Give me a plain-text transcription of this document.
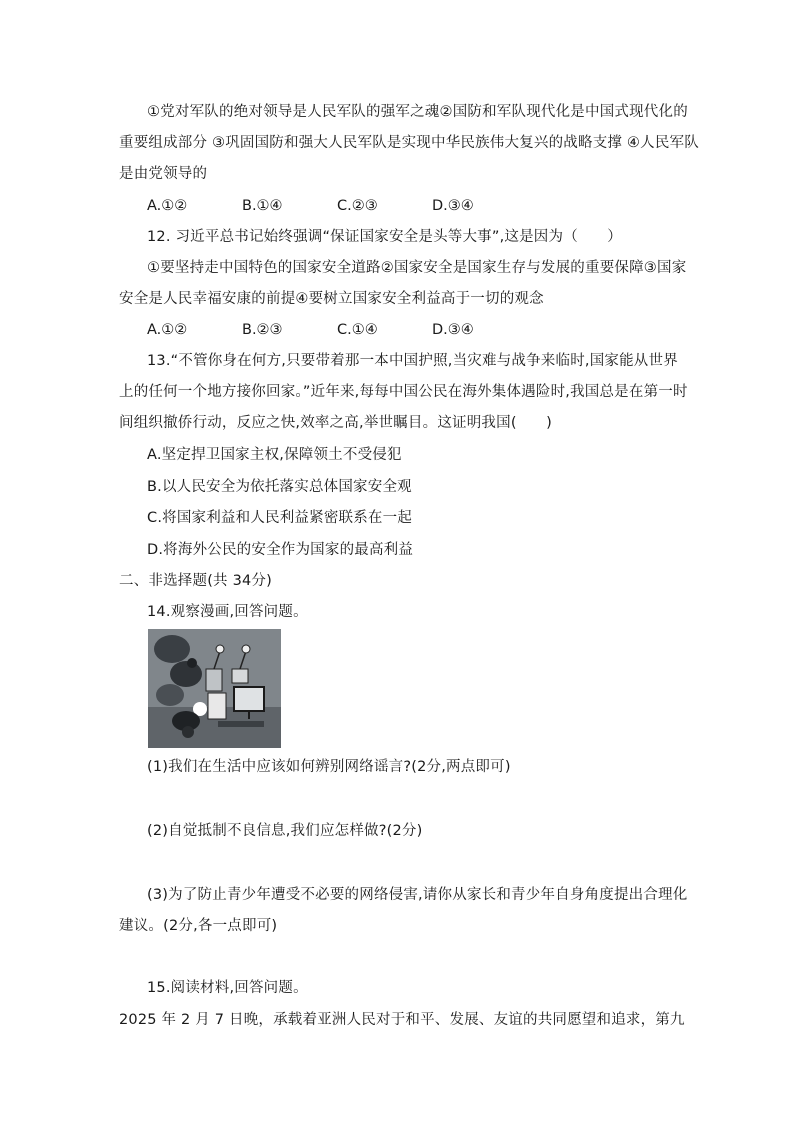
①党对军队的绝对领导是人民军队的强军之魂②国防和军队现代化是中国式现代化的
重要组成部分 ③巩固国防和强大人民军队是实现中华民族伟大复兴的战略支撑 ④人民军队
是由党领导的
A.①②	B.①④	C.②③	D.③④
12. 习近平总书记始终强调“保证国家安全是头等大事”,这是因为（　　）
①要坚持走中国特色的国家安全道路②国家安全是国家生存与发展的重要保障③国家
安全是人民幸福安康的前提④要树立国家安全利益高于一切的观念
A.①②	B.②③	C.①④	D.③④
13.“不管你身在何方,只要带着那一本中国护照,当灾难与战争来临时,国家能从世界
上的任何一个地方接你回家。”近年来,每每中国公民在海外集体遇险时,我国总是在第一时
间组织撤侨行动，反应之快,效率之高,举世瞩目。这证明我国(　　)
A.坚定捍卫国家主权,保障领土不受侵犯
B.以人民安全为依托落实总体国家安全观
C.将国家利益和人民利益紧密联系在一起
D.将海外公民的安全作为国家的最高利益
二、非选择题(共 34分)
14.观察漫画,回答问题。
(1)我们在生活中应该如何辨别网络谣言?(2分,两点即可)
(2)自觉抵制不良信息,我们应怎样做?(2分)
(3)为了防止青少年遭受不必要的网络侵害,请你从家长和青少年自身角度提出合理化
建议。(2分,各一点即可)
15.阅读材料,回答问题。
2025 年 2 月 7 日晚，承载着亚洲人民对于和平、发展、友谊的共同愿望和追求，第九
